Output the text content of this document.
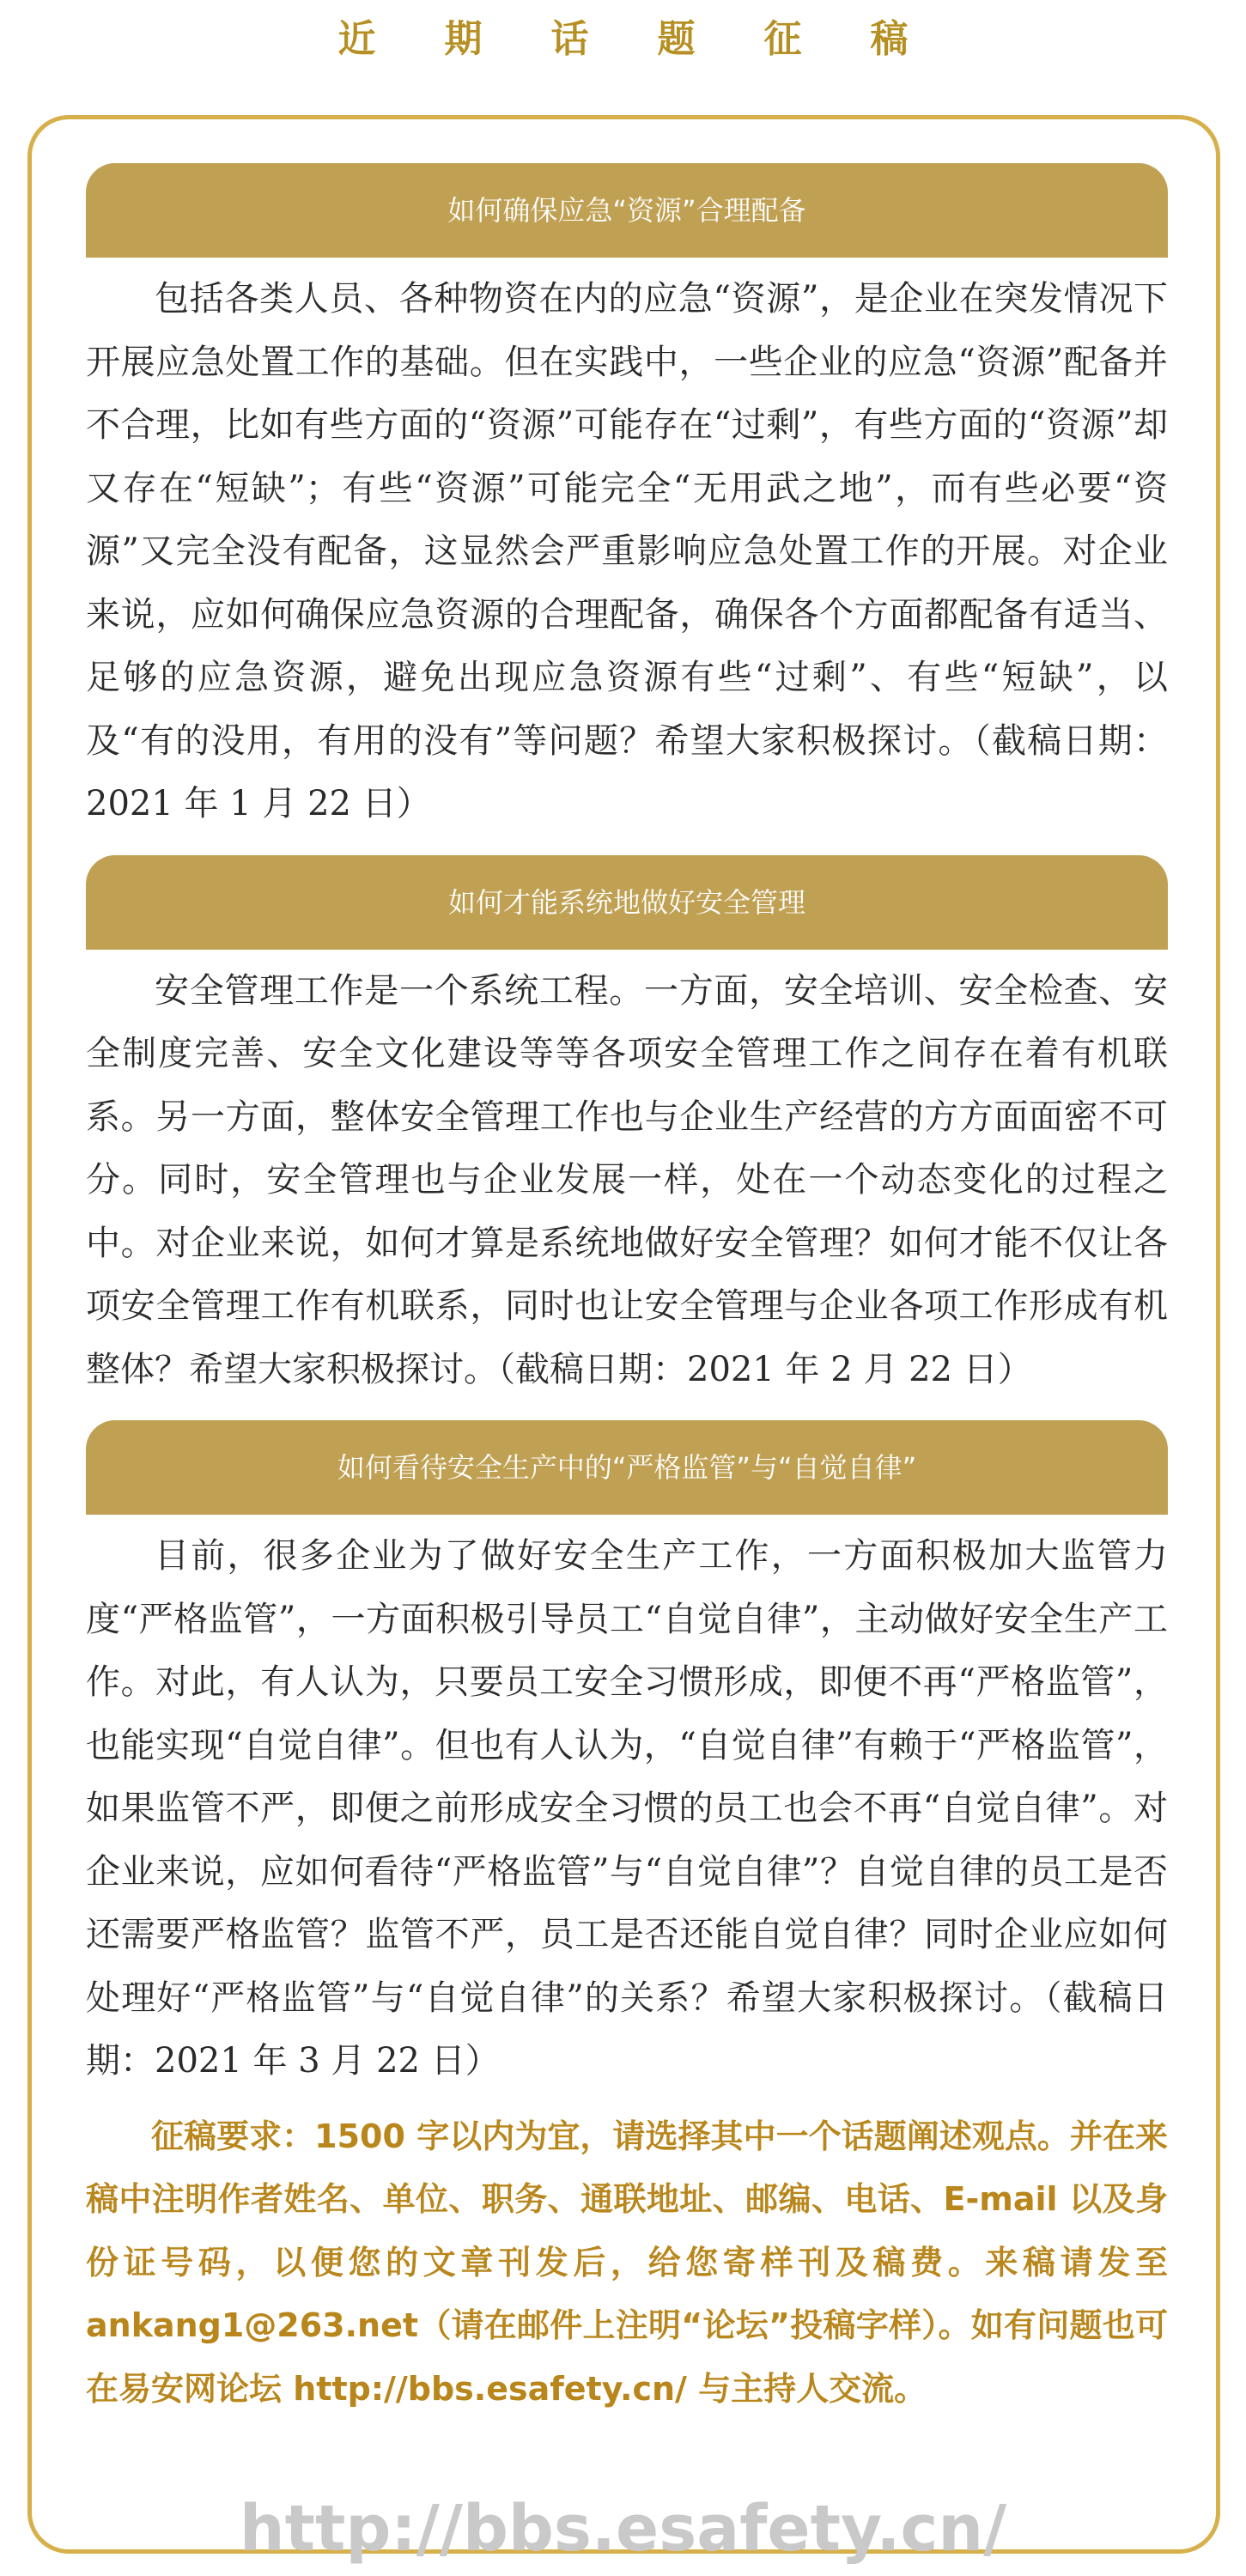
近期话题征稿
如何确保应急“资源”合理配备

包括各类人员、各种物资在内的应急“资源”，是企业在突发情况下开展应急处置工作的基础。但在实践中，一些企业的应急“资源”配备并不合理，比如有些方面的“资源”可能存在“过剩”，有些方面的“资源”却又存在“短缺”；有些“资源”可能完全“无用武之地”，而有些必要“资源”又完全没有配备，这显然会严重影响应急处置工作的开展。对企业来说，应如何确保应急资源的合理配备，确保各个方面都配备有适当、足够的应急资源，避免出现应急资源有些“过剩”、有些“短缺”，以及“有的没用，有用的没有”等问题？希望大家积极探讨。（截稿日期：2021 年 1 月 22 日）

如何才能系统地做好安全管理

安全管理工作是一个系统工程。一方面，安全培训、安全检查、安全制度完善、安全文化建设等等各项安全管理工作之间存在着有机联系。另一方面，整体安全管理工作也与企业生产经营的方方面面密不可分。同时，安全管理也与企业发展一样，处在一个动态变化的过程之中。对企业来说，如何才算是系统地做好安全管理？如何才能不仅让各项安全管理工作有机联系，同时也让安全管理与企业各项工作形成有机整体？希望大家积极探讨。（截稿日期：2021 年 2 月 22 日）

如何看待安全生产中的“严格监管”与“自觉自律”

目前，很多企业为了做好安全生产工作，一方面积极加大监管力度“严格监管”，一方面积极引导员工“自觉自律”，主动做好安全生产工作。对此，有人认为，只要员工安全习惯形成，即便不再“严格监管”，也能实现“自觉自律”。但也有人认为，“自觉自律”有赖于“严格监管”，如果监管不严，即便之前形成安全习惯的员工也会不再“自觉自律”。对企业来说，应如何看待“严格监管”与“自觉自律”？自觉自律的员工是否还需要严格监管？监管不严，员工是否还能自觉自律？同时企业应如何处理好“严格监管”与“自觉自律”的关系？希望大家积极探讨。（截稿日期：2021 年 3 月 22 日）

征稿要求：1500 字以内为宜，请选择其中一个话题阐述观点。并在来稿中注明作者姓名、单位、职务、通联地址、邮编、电话、E-mail 以及身份证号码，以便您的文章刊发后，给您寄样刊及稿费。来稿请发至 ankang1@263.net（请在邮件上注明“论坛”投稿字样）。如有问题也可在易安网论坛 http://bbs.esafety.cn/ 与主持人交流。

http://bbs.esafety.cn/
